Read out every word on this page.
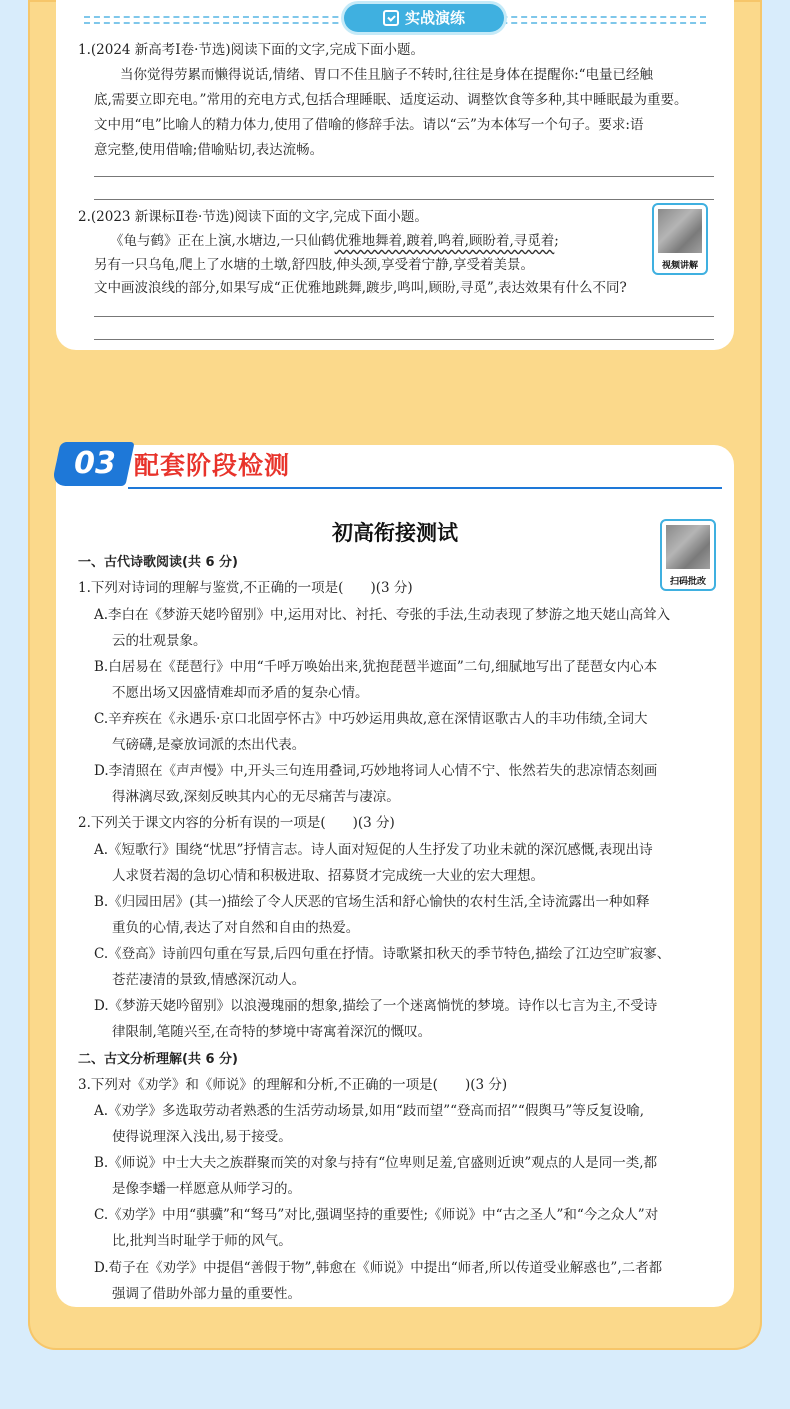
实战演练
1.(2024 新高考Ⅰ卷·节选)阅读下面的文字,完成下面小题。
当你觉得劳累而懒得说话,情绪、胃口不佳且脑子不转时,往往是身体在提醒你:“电量已经触
底,需要立即充电。”常用的充电方式,包括合理睡眠、适度运动、调整饮食等多种,其中睡眠最为重要。
文中用“电”比喻人的精力体力,使用了借喻的修辞手法。请以“云”为本体写一个句子。要求:语
意完整,使用借喻;借喻贴切,表达流畅。
2.(2023 新课标Ⅱ卷·节选)阅读下面的文字,完成下面小题。
《龟与鹤》正在上演,水塘边,一只仙鹤优雅地舞着,踱着,鸣着,顾盼着,寻觅着;
另有一只乌龟,爬上了水塘的土墩,舒四肢,伸头颈,享受着宁静,享受着美景。
文中画波浪线的部分,如果写成“正优雅地跳舞,踱步,鸣叫,顾盼,寻觅”,表达效果有什么不同?
视频讲解
03 配套阶段检测
初高衔接测试
扫码批改
一、古代诗歌阅读(共 6 分)
1.下列对诗词的理解与鉴赏,不正确的一项是(　　)(3 分)
A.李白在《梦游天姥吟留别》中,运用对比、衬托、夸张的手法,生动表现了梦游之地天姥山高耸入
云的壮观景象。
B.白居易在《琵琶行》中用“千呼万唤始出来,犹抱琵琶半遮面”二句,细腻地写出了琵琶女内心本
不愿出场又因盛情难却而矛盾的复杂心情。
C.辛弃疾在《永遇乐·京口北固亭怀古》中巧妙运用典故,意在深情讴歌古人的丰功伟绩,全词大
气磅礴,是豪放词派的杰出代表。
D.李清照在《声声慢》中,开头三句连用叠词,巧妙地将词人心情不宁、怅然若失的悲凉情态刻画
得淋漓尽致,深刻反映其内心的无尽痛苦与凄凉。
2.下列关于课文内容的分析有误的一项是(　　)(3 分)
A.《短歌行》围绕“忧思”抒情言志。诗人面对短促的人生抒发了功业未就的深沉感慨,表现出诗
人求贤若渴的急切心情和积极进取、招募贤才完成统一大业的宏大理想。
B.《归园田居》(其一)描绘了令人厌恶的官场生活和舒心愉快的农村生活,全诗流露出一种如释
重负的心情,表达了对自然和自由的热爱。
C.《登高》诗前四句重在写景,后四句重在抒情。诗歌紧扣秋天的季节特色,描绘了江边空旷寂寥、
苍茫凄清的景致,情感深沉动人。
D.《梦游天姥吟留别》以浪漫瑰丽的想象,描绘了一个迷离惝恍的梦境。诗作以七言为主,不受诗
律限制,笔随兴至,在奇特的梦境中寄寓着深沉的慨叹。
二、古文分析理解(共 6 分)
3.下列对《劝学》和《师说》的理解和分析,不正确的一项是(　　)(3 分)
A.《劝学》多选取劳动者熟悉的生活劳动场景,如用“跂而望”“登高而招”“假舆马”等反复设喻,
使得说理深入浅出,易于接受。
B.《师说》中士大夫之族群聚而笑的对象与持有“位卑则足羞,官盛则近谀”观点的人是同一类,都
是像李蟠一样愿意从师学习的。
C.《劝学》中用“骐骥”和“驽马”对比,强调坚持的重要性;《师说》中“古之圣人”和“今之众人”对
比,批判当时耻学于师的风气。
D.荀子在《劝学》中提倡“善假于物”,韩愈在《师说》中提出“师者,所以传道受业解惑也”,二者都
强调了借助外部力量的重要性。
